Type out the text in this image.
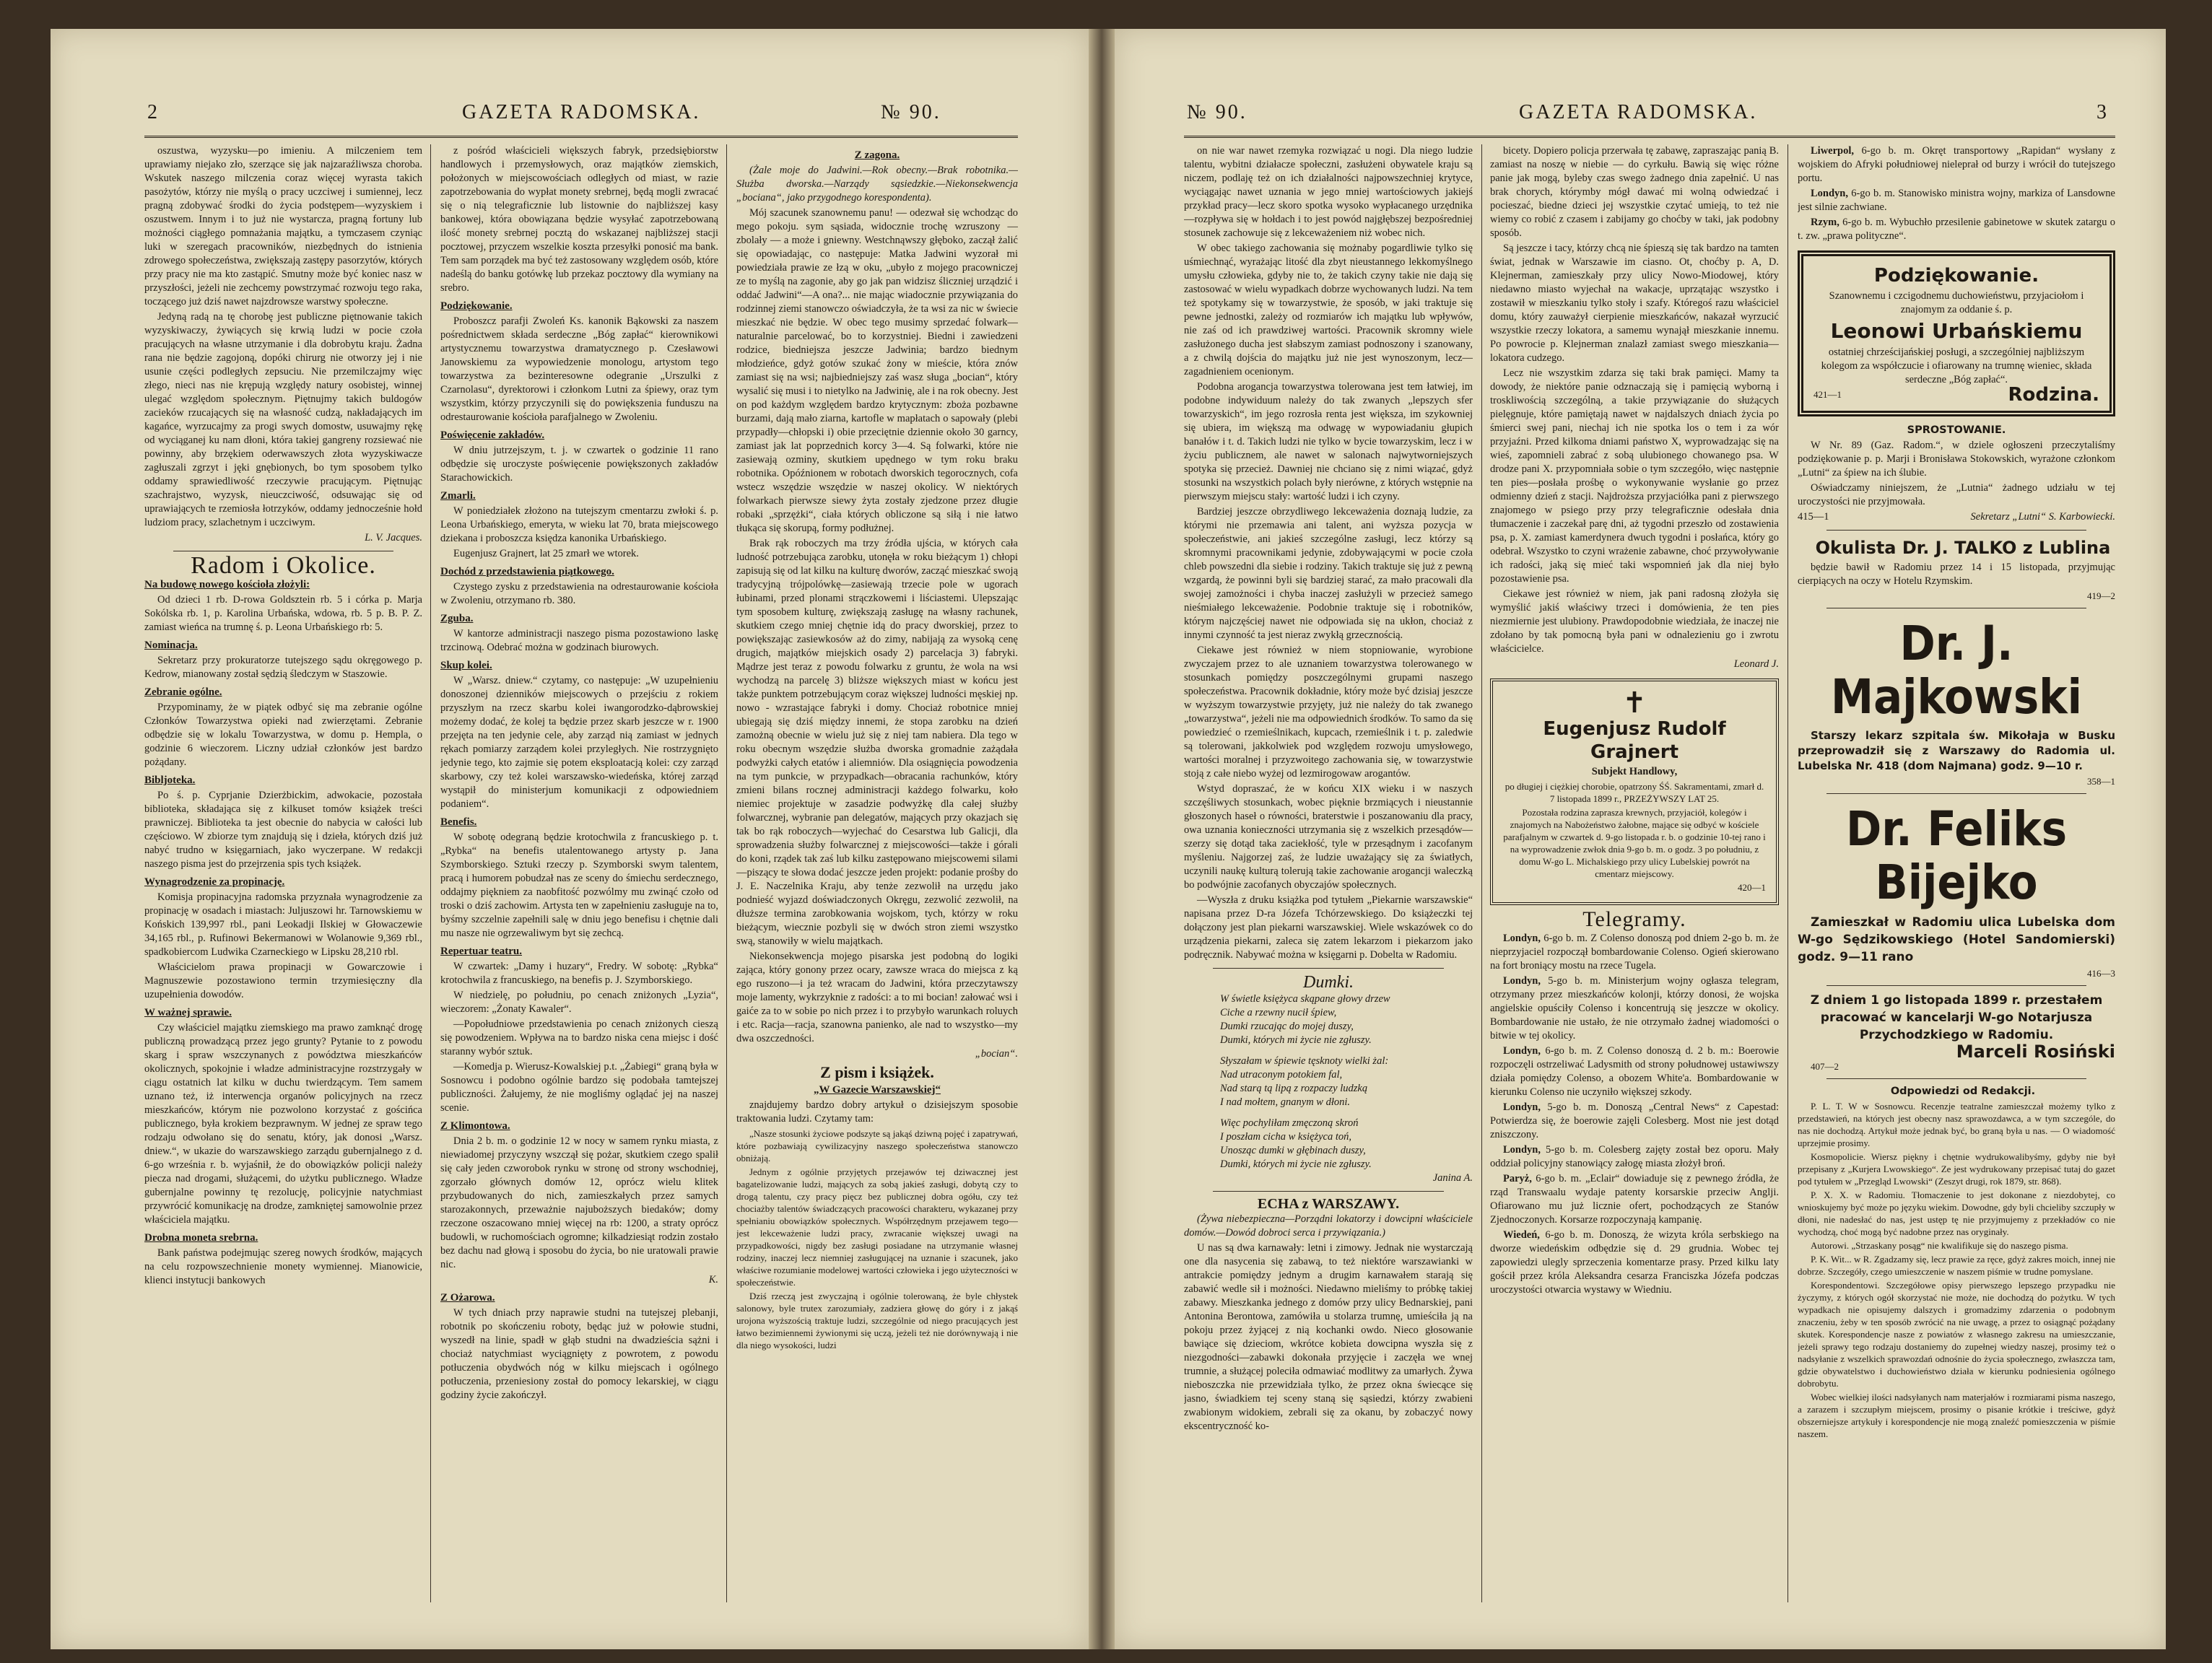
2	GAZETA RADOMSKA.	№ 90.

oszustwa, wyzysku—po imieniu. A milczeniem tem uprawiamy niejako zło, szerzące się jak najzaraźliwsza choroba. Wskutek naszego milczenia coraz więcej wyrasta takich pasożytów, którzy nie myślą o pracy uczciwej i sumiennej, lecz pragną zdobywać środki do życia podstępem—wyzyskiem i oszustwem. Innym i to już nie wystarcza, pragną fortuny lub możności ciągłego pomnażania majątku, a tymczasem czyniąc luki w szeregach pracowników, niezbędnych do istnienia zdrowego społeczeństwa, zwiększają zastępy pasorzytów, których przy pracy nie ma kto zastąpić. Smutny może być koniec nasz w przyszłości, jeżeli nie zechcemy powstrzymać rozwoju tego raka, toczącego już dziś nawet najzdrowsze warstwy społeczne.

Jedyną radą na tę chorobę jest publiczne piętnowanie takich wyzyskiwaczy, żywiących się krwią ludzi w pocie czoła pracujących na własne utrzymanie i dla dobrobytu kraju. Żadna rana nie będzie zagojoną, dopóki chirurg nie otworzy jej i nie usunie części podległych zepsuciu. Nie przemilczajmy więc złego, nieci nas nie krępują względy natury osobistej, winnej ulegać względom społecznym. Piętnujmy takich buldogów zacieków rzucających się na własność cudzą, nakładających im kagańce, wyrzucajmy za progi swych domostw, usuwajmy rękę od wyciąganej ku nam dłoni, która takiej gangreny rozsiewać nie powinny, aby brzękiem oderwawszych złota wyzyskiwacze zagłuszali zgrzyt i jęki gnębionych, bo tym sposobem tylko oddamy sprawiedliwość rzeczywie pracującym. Piętnując szachrajstwo, wyzysk, nieuczciwość, odsuwając się od uprawiających te rzemiosła łotrzyków, oddamy jednocześnie hołd ludziom pracy, szlachetnym i uczciwym.

L. V. Jacques.

Radom i Okolice.
Na budowę nowego kościoła złożyli:

Od dzieci 1 rb. D-rowa Goldsztein rb. 5 i córka p. Marja Sokólska rb. 1, p. Karolina Urbańska, wdowa, rb. 5 p. B. P. Z. zamiast wieńca na trumnę ś. p. Leona Urbańskiego rb: 5.

Nominacja.

Sekretarz przy prokuratorze tutejszego sądu okręgowego p. Kedrow, mianowany został sędzią śledczym w Staszowie.

Zebranie ogólne.

Przypominamy, że w piątek odbyć się ma zebranie ogólne Członków Towarzystwa opieki nad zwierzętami. Zebranie odbędzie się w lokalu Towarzystwa, w domu p. Hempla, o godzinie 6 wieczorem. Liczny udział członków jest bardzo pożądany.

Bibljoteka.

Po ś. p. Cyprjanie Dzierżbickim, adwokacie, pozostała biblioteka, składająca się z kilkuset tomów książek treści prawniczej. Biblioteka ta jest obecnie do nabycia w całości lub częściowo. W zbiorze tym znajdują się i dzieła, których dziś już nabyć trudno w księgarniach, jako wyczerpane. W redakcji naszego pisma jest do przejrzenia spis tych książek.

Wynagrodzenie za propinację.

Komisja propinacyjna radomska przyznała wynagrodzenie za propinację w osadach i miastach: Juljuszowi hr. Tarnowskiemu w Końskich 139,997 rbl., pani Leokadji Ilskiej w Głowaczewie 34,165 rbl., p. Rufinowi Bekermanowi w Wolanowie 9,369 rbl., spadkobiercom Ludwika Czarneckiego w Lipsku 28,210 rbl.

Właścicielom prawa propinacji w Gowarczowie i Magnuszewie pozostawiono termin trzymiesięczny dla uzupełnienia dowodów.

W ważnej sprawie.

Czy właściciel majątku ziemskiego ma prawo zamknąć drogę publiczną prowadzącą przez jego grunty? Pytanie to z powodu skarg i spraw wszczynanych z powództwa mieszkańców okolicznych, spokojnie i władze administracyjne rozstrzygały w ciągu ostatnich lat kilku w duchu twierdzącym. Tem samem uznano też, iż interwencja organów policyjnych na rzecz mieszkańców, którym nie pozwolono korzystać z gościńca publicznego, była krokiem bezprawnym. W jednej ze spraw tego rodzaju odwołano się do senatu, który, jak donosi „Warsz. dniew.“, w ukazie do warszawskiego zarządu gubernjalnego z d. 6-go września r. b. wyjaśnił, że do obowiązków policji należy piecza nad drogami, służącemi, do użytku publicznego. Władze gubernjalne powinny tę rezolucję, policyjnie natychmiast przywrócić komunikację na drodze, zamkniętej samowolnie przez właściciela majątku.

Drobna moneta srebrna.

Bank państwa podejmując szereg nowych środków, mających na celu rozpowszechnienie monety wymiennej. Mianowicie, klienci instytucji bankowych

z pośród właścicieli większych fabryk, przedsiębiorstw handlowych i przemysłowych, oraz majątków ziemskich, położonych w miejscowościach odległych od miast, w razie zapotrzebowania do wypłat monety srebrnej, będą mogli zwracać się o nią telegraficznie lub listownie do najbliższej kasy bankowej, która obowiązana będzie wysyłać zapotrzebowaną ilość monety srebrnej pocztą do wskazanej najbliższej stacji pocztowej, przyczem wszelkie koszta przesyłki ponosić ma bank. Tem sam porządek ma być też zastosowany względem osób, które nadeślą do banku gotówkę lub przekaz pocztowy dla wymiany na srebro.

Podziękowanie.

Proboszcz parafji Zwoleń Ks. kanonik Bąkowski za naszem pośrednictwem składa serdeczne „Bóg zapłać“ kierownikowi artystycznemu towarzystwa dramatycznego p. Czesławowi Janowskiemu za wypowiedzenie monologu, artystom tego towarzystwa za bezinteresowne odegranie „Urszulki z Czarnolasu“, dyrektorowi i członkom Lutni za śpiewy, oraz tym wszystkim, którzy przyczynili się do powiększenia funduszu na odrestaurowanie kościoła parafjalnego w Zwoleniu.

Poświęcenie zakładów.

W dniu jutrzejszym, t. j. w czwartek o godzinie 11 rano odbędzie się uroczyste poświęcenie powiększonych zakładów Starachowickich.

Zmarli.

W poniedziałek złożono na tutejszym cmentarzu zwłoki ś. p. Leona Urbańskiego, emeryta, w wieku lat 70, brata miejscowego dziekana i proboszcza księdza kanonika Urbańskiego.

Eugenjusz Grajnert, lat 25 zmarł we wtorek.

Dochód z przedstawienia piątkowego.

Czystego zysku z przedstawienia na odrestaurowanie kościoła w Zwoleniu, otrzymano rb. 380.

Zguba.

W kantorze administracji naszego pisma pozostawiono laskę trzcinową. Odebrać można w godzinach biurowych.

Skup kolei.

W „Warsz. dniew.“ czytamy, co następuje: „W uzupełnieniu donoszonej dzienników miejscowych o przejściu z rokiem przyszłym na rzecz skarbu kolei iwangorodzko-dąbrowskiej możemy dodać, że kolej ta będzie przez skarb jeszcze w r. 1900 przejęta na ten jedynie cele, aby zarząd nią zamiast w jednych rękach pomiarzy zarządem kolei przyległych. Nie rostrzygnięto jedynie tego, kto zajmie się potem eksploatacją kolei: czy zarząd skarbowy, czy też kolei warszawsko-wiedeńska, której zarząd wystąpił do ministerjum komunikacji z odpowiedniem podaniem“.

Benefis.

W sobotę odegraną będzie krotochwila z francuskiego p. t. „Rybka“ na benefis utalentowanego artysty p. Jana Szymborskiego. Sztuki rzeczy p. Szymborski swym talentem, pracą i humorem pobudzał nas ze sceny do śmiechu serdecznego, oddajmy piękniem za naobfitość pozwólmy mu zwinąć czoło od troski o dziś zachowim. Artysta ten w zapełnieniu zasługuje na to, byśmy szczelnie zapełnili salę w dniu jego benefisu i chętnie dali mu nasze nie ogrzewaliwym byt się zechcą.

Repertuar teatru.

W czwartek: „Damy i huzary“, Fredry. W sobotę: „Rybka“ krotochwila z francuskiego, na benefis p. J. Szymborskiego.

W niedzielę, po południu, po cenach zniżonych „Lyzia“, wieczorem: „Żonaty Kawaler“.

—Popołudniowe przedstawienia po cenach zniżonych cieszą się powodzeniem. Wpływa na to bardzo niska cena miejsc i dość staranny wybór sztuk.

—Komedja p. Wierusz-Kowalskiej p.t. „Żabiegi“ graną była w Sosnowcu i podobno ogólnie bardzo się podobała tamtejszej publiczności. Żałujemy, że nie mogliśmy oglądać jej na naszej scenie.

Z Klimontowa.

Dnia 2 b. m. o godzinie 12 w nocy w samem rynku miasta, z niewiadomej przyczyny wszczął się pożar, skutkiem czego spalił się cały jeden czworobok rynku w stronę od strony wschodniej, zgorzało głównych domów 12, oprócz wielu klitek przybudowanych do nich, zamieszkałych przez samych starozakonnych, przeważnie najuboższych biedaków; domy rzeczone oszacowano mniej więcej na rb: 1200, a straty oprócz budowli, w ruchomościach ogromne; kilkadziesiąt rodzin zostało bez dachu nad głową i sposobu do życia, bo nie uratowali prawie nic.

K.

Z Ożarowa.

W tych dniach przy naprawie studni na tutejszej plebanji, robotnik po skończeniu roboty, będąc już w połowie studni, wyszedł na linie, spadł w głąb studni na dwadzieścia sążni i chociaż natychmiast wyciągnięty z powrotem, z powodu potłuczenia obydwóch nóg w kilku miejscach i ogólnego potłuczenia, przeniesiony został do pomocy lekarskiej, w ciągu godziny życie zakończył.

Z zagona.

(Żale moje do Jadwini.—Rok obecny.—Brak robotnika.—Służba dworska.—Narządy sąsiedzkie.—Niekonsekwencja „bociana“, jako przygodnego korespondenta).

Mój szacunek szanownemu panu! — odezwał się wchodząc do mego pokoju. sym sąsiada, widocznie trochę wzruszony — zbolały — a może i gniewny. Westchnąwszy głęboko, zaczął żalić się opowiadając, co następuje: Matka Jadwini wyzorał mi powiedziała prawie ze łzą w oku, „ubyło z mojego pracowniczej ze to myślą na zagonie, aby go jak pan widzisz śliczniej urządzić i oddać Jadwini“—A ona?... nie mając wiadocznie przywiązania do rodzinnej ziemi stanowczo oświadczyła, że ta wsi za nic w świecie mieszkać nie będzie. W obec tego musimy sprzedać folwark—naturalnie parcelować, bo to korzystniej. Biedni i zawiedzeni rodzice, biedniejsza jeszcze Jadwinia; bardzo biednym młodzieńce, gdyż gotów szukać żony w mieście, która znów zamiast się na wsi; najbiedniejszy zaś wasz sługa „bocian“, który wysalić się musi i to nietylko na Jadwinię, ale i na rok obecny. Jest on pod każdym względem bardzo krytycznym: zboża pozbawne burzami, dają mało ziarna, kartofle w mapłatach o sapowały (plebi przypadły—chłopski i) obie przeciętnie dziennie około 30 garncy, zamiast jak lat poprzednich korcy 3—4. Są folwarki, które nie zasiewają ozminy, skutkiem upędnego w tym roku braku robotnika. Opóźnionem w robotach dworskich tegorocznych, cofa wstecz wszędzie wszędzie w naszej okolicy. W niektórych folwarkach pierwsze siewy żyta zostały zjedzone przez długie robaki „sprzężki“, ciała których obliczone są siłą i nie łatwo tłukąca się skorupą, formy podłużnej.

Brak rąk roboczych ma trzy źródła ujścia, w których cała ludność potrzebująca zarobku, utonęła w roku bieżącym 1) chłopi zapisują się od lat kilku na kulturę dworów, zacząć mieszkać swoją tradycyjną trójpolówkę—zasiewają trzecie pole w ugorach łubinami, przed plonami strączkowemi i liściastemi. Ulepszając tym sposobem kulturę, zwiększają zasługę na własny rachunek, skutkiem czego mniej chętnie idą do pracy dworskiej, przez to powiększając zasiewkosów aż do zimy, nabijają za wysoką cenę drugich, majątków miejskich osady 2) parcelacja 3) fabryki. Mądrze jest teraz z powodu folwarku z gruntu, że wola na wsi wychodzą na parcelę 3) bliższe większych miast w końcu jest także punktem potrzebującym coraz większej ludności męskiej np. nowo - wzrastające fabryki i domy. Chociaż robotnice mniej ubiegają się dziś między innemi, że stopa zarobku na dzień zamożną obecnie w wielu już się z niej tam nabiera. Dla tego w roku obecnym wszędzie służba dworska gromadnie zażądała podwyżki całych etatów i aliemniów. Dla osiągnięcia powodzenia na tym punkcie, w przypadkach—obracania rachunków, który zmieni bilans rocznej administracji każdego folwarku, koło niemiec projektuje w zasadzie podwyżkę dla całej służby folwarcznej, wybranie pan delegatów, mających przy okazjach się tak bo rąk roboczych—wyjechać do Cesarstwa lub Galicji, dla sprowadzenia służby folwarcznej z miejscowości—także i górali do koni, rządek tak zaś lub kilku zastępowano miejscowemi silami—piszący te słowa dodać jeszcze jeden projekt: podanie prośby do J. E. Naczelnika Kraju, aby tenże zezwolił na urzędu jako podnieść wyjazd doświadczonych Okręgu, zezwolić zezwolił, na dłuższe termina zarobkowania wojskom, tych, którzy w roku bieżącym, wiecznie pozbyli się w dwóch stron ziemi wszystko swą, stanowiły w wielu majątkach.

Niekonsekwencja mojego pisarska jest podobną do logiki zająca, który gonony przez ocary, zawsze wraca do miejsca z ką ego ruszono—i ja też wracam do Jadwini, która przeczytawszy moje lamenty, wykrzyknie z radości: a to mi bocian! załować wsi i gaiće za to w sobie po nich przez i to przybyło warunkach roluych i etc. Racja—racja, szanowna panienko, ale nad to wszystko—my dwa oszczedności.

„bocian“.

Z pism i książek.
„W Gazecie Warszawskiej“

znajdujemy bardzo dobry artykuł o dzisiejszym sposobie traktowania ludzi. Czytamy tam:

„Nasze stosunki życiowe podszyte są jakąś dziwną pojęć i zapatrywań, które pozbawiają cywilizacyjny naszego społeczeństwa stanowczo obniżają.

Jednym z ogólnie przyjętych przejawów tej dziwacznej jest bagatelizowanie ludzi, mających za sobą jakieś zasługi, dobytą czy to drogą talentu, czy pracy pięcz bez publicznej dobra ogółu, czy też chociażby talentów świadczących pracowości charakteru, wykazanej przy spełnianiu obowiązków społecznych. Współrzędnym przejawem tego—jest lekceważenie ludzi pracy, zwracanie większej uwagi na przypadkowości, nigdy bez zasługi posiadane na utrzymanie własnej rodziny, inaczej lecz niemniej zasługującej na uznanie i szacunek, jako właściwe rozumianie modelowej wartości człowieka i jego użyteczności w społeczeństwie.

Dziś rzeczą jest zwyczajną i ogólnie tolerowaną, że byle chłystek salonowy, byle trutex zarozumiały, zadziera głowę do góry i z jakąś urojona wyższością traktuje ludzi, szczególnie od niego pracujących jest łatwo bezimiennemi żywionymi się uczą, jeżeli też nie dorównywają i nie dla niego wysokości, ludzi

№ 90.	GAZETA RADOMSKA.	3

on nie war nawet rzemyka rozwiązać u nogi. Dla niego ludzie talentu, wybitni działacze społeczni, zasłużeni obywatele kraju są niczem, podlaję też on ich działalności najpowszechniej krytyce, wyciągając nawet uznania w jego mniej wartościowych jakiejś przykład pracy—lecz skoro spotka wysoko wypłacanego urzędnika—rozpływa się w hołdach i to jest powód najgłębszej bezpośredniej stosunek zachowuje się z lekceważeniem niż wobec nich.

W obec takiego zachowania się możnaby pogardliwie tylko się uśmiechnąć, wyrażając litość dla zbyt nieustannego lekkomyślnego umysłu człowieka, gdyby nie to, że takich czyny takie nie dają się zastosować w wielu wypadkach dobrze wychowanych ludzi. Na tem też spotykamy się w towarzystwie, że sposób, w jaki traktuje się pewne jednostki, zależy od rozmiarów ich majątku lub wpływów, nie zaś od ich prawdziwej wartości. Pracownik skromny wiele zasłużonego ducha jest słabszym zamiast podnoszony i szanowany, a z chwilą dojścia do majątku już nie jest wynoszonym, lecz—zagadnieniem ocenionym.

Podobna arogancja towarzystwa tolerowana jest tem łatwiej, im podobne indywiduum należy do tak zwanych „lepszych sfer towarzyskich“, im jego rozrosła renta jest większa, im szykowniej się ubiera, im większą ma odwagę w wypowiadaniu głupich banałów i t. d. Takich ludzi nie tylko w bycie towarzyskim, lecz i w życiu publicznem, ale nawet w salonach najwytworniejszych spotyka się przecież. Dawniej nie chciano się z nimi wiązać, gdyż stosunki na wszystkich polach były nierówne, z których wstępnie na pierwszym miejscu stały: wartość ludzi i ich czyny.

Bardziej jeszcze obrzydliwego lekceważenia doznają ludzie, za którymi nie przemawia ani talent, ani wyższa pozycja w społeczeństwie, ani jakieś szczególne zasługi, lecz którzy są skromnymi pracownikami jedynie, zdobywającymi w pocie czoła chleb powszedni dla siebie i rodziny. Takich traktuje się już z pewną wzgardą, że powinni byli się bardziej starać, za mało pracowali dla swojej zamożności i chyba inaczej zasłużyli w przecież samego nieśmiałego lekceważenie. Podobnie traktuje się i robotników, którym najczęściej nawet nie odpowiada się na ukłon, chociaż z innymi czynność ta jest nieraz zwykłą grzecznością.

Ciekawe jest również w niem stopniowanie, wyrobione zwyczajem przez to ale uznaniem towarzystwa tolerowanego w stosunkach pomiędzy poszczególnymi grupami naszego społeczeństwa. Pracownik dokładnie, który może być dzisiaj jeszcze w wyższym towarzystwie przyjęty, już nie należy do tak zwanego „towarzystwa“, jeżeli nie ma odpowiednich środków. To samo da się powiedzieć o rzemieślnikach, kupcach, rzemieślnik i t. p. zaledwie są tolerowani, jakkolwiek pod względem rozwoju umysłowego, wartości moralnej i przyzwoitego zachowania się, w towarzystwie stoją z całe niebo wyżej od lezmirogowaw arogantów.

Wstyd dopraszać, że w końcu XIX wieku i w naszych szczęśliwych stosunkach, wobec pięknie brzmiących i nieustannie głoszonych haseł o równości, braterstwie i poszanowaniu dla pracy, owa uznania konieczności utrzymania się z wszelkich przesądów—szerzy się dotąd taka zaciekłość, tyle w przesądnym i zacofanym myśleniu. Najgorzej zaś, że ludzie uważający się za światłych, uczynili naukę kulturą tolerują takie zachowanie arogancji waleczką bo podwójnie zacofanych obyczajów społecznych.

—Wyszła z druku książka pod tytułem „Piekarnie warszawskie“ napisana przez D-ra Józefa Tchórzewskiego. Do książeczki tej dołączony jest plan piekarni warszawskiej. Wiele wskazówek co do urządzenia piekarni, zaleca się zatem lekarzom i piekarzom jako podręcznik. Nabywać można w księgarni p. Dobelta w Radomiu.

Dumki.

W świetle księżyca skąpane głowy drzew

Ciche a rzewny nucił śpiew,

Dumki rzucając do mojej duszy,

Dumki, których mi życie nie zgłuszy.

Słyszałam w śpiewie tęsknoty wielki żal:

Nad utraconym potokiem fal,

Nad starą tą lipą z rozpaczy ludzką

I nad mołtem, gnanym w dłoni.

Więc pochyliłam zmęczoną skroń

I poszłam cicha w księżyca toń,

Unosząc dumki w głębinach duszy,

Dumki, których mi życie nie zgłuszy.

Janina A.

ECHA z WARSZAWY.

(Żywa niebezpieczna—Porządni lokatorzy i dowcipni właściciele domów.—Dowód dobroci serca i przywiązania.)

U nas są dwa karnawały: letni i zimowy. Jednak nie wystarczają one dla nasycenia się zabawą, to też niektóre warszawianki w antrakcie pomiędzy jednym a drugim karnawałem starają się zabawić wedle sił i możności. Niedawno mieliśmy to próbkę takiej zabawy. Mieszkanka jednego z domów przy ulicy Bednarskiej, pani Antonina Berontowa, zamówiła u stolarza trumnę, umieściła ją na pokoju przez żyjącej z nią kochanki owdo. Nieco głosowanie bawiące się dzieciom, wkrótce kobieta dowcipna wyszła się z niezgodności—zabawki dokonała przyjęcie i zaczęła we wnej trumnie, a służącej poleciła odmawiać modlitwy za umarłych. Żywa nieboszczka nie przewidziała tylko, że przez okna świecące się jasno, świadkiem tej sceny staną się sąsiedzi, którzy zwabieni zwabionym widokiem, zebrali się za okanu, by zobaczyć nowy ekscentryczność ko-

bicety. Dopiero policja przerwała tę zabawę, zapraszając panią B. zamiast na noszę w niebie — do cyrkułu. Bawią się więc różne panie jak mogą, byleby czas swego żadnego dnia zapełnić. U nas brak chorych, którymby mógł dawać mi wolną odwiedzać i pocieszać, biedne dzieci jej wszystkie czytać umieją, to też nie wiemy co robić z czasem i zabijamy go choćby w taki, jak podobny sposób.

Są jeszcze i tacy, którzy chcą nie śpieszą się tak bardzo na tamten świat, jednak w Warszawie im ciasno. Ot, choćby p. A, D. Klejnerman, zamieszkały przy ulicy Nowo-Miodowej, który niedawno miasto wyjechał na wakacje, uprzątając wszystko i zostawił w mieszkaniu tylko stoły i szafy. Któregoś razu właściciel domu, który zauważył cierpienie mieszkańców, nakazał wyrzucić wszystkie rzeczy lokatora, a samemu wynajął mieszkanie innemu. Po powrocie p. Klejnerman znalazł zamiast swego mieszkania—lokatora cudzego.

Lecz nie wszystkim zdarza się taki brak pamięci. Mamy ta dowody, że niektóre panie odznaczają się i pamięcią wyborną i troskliwością szczególną, a takie przywiązanie do służących pielęgnuje, które pamiętają nawet w najdalszych dniach życia po śmierci swej pani, niechaj ich nie spotka los o tem i za wór przyjaźni. Przed kilkoma dniami państwo X, wyprowadzając się na wieś, zapomnieli zabrać z sobą ulubionego chowanego psa. W drodze pani X. przypomniała sobie o tym szczegóło, więc następnie ten pies—posłała prośbę o wykonywanie wysłanie go przez odmienny dzień z stacji. Najdroższa przyjaciółka pani z pierwszego znajomego w psiego przy przy telegraficznie odesłała dnia tłumaczenie i zaczekał parę dni, aż tygodni przeszło od zostawienia psa, p. X. zamiast kamerdynera dwuch tygodni i posłańca, który go odebrał. Wszystko to czyni wrażenie zabawne, choć przywoływanie ich radości, jaką się mieć taki wspomnień jak dla niej było pozostawienie psa.

Ciekawe jest również w niem, jak pani radosną złożyła się wymyślić jakiś właściwy trzeci i domówienia, że ten pies niezmiernie jest ulubiony. Prawdopodobnie wiedziała, że inaczej nie zdołano by tak pomocną była pani w odnalezieniu go i zwrotu właścicielce.

Leonard J.

✝

Eugenjusz Rudolf Grajnert

Subjekt Handlowy,

po długiej i ciężkiej chorobie, opatrzony ŚŚ. Sakramentami, zmarł d. 7 listopada 1899 r., PRZEŻYWSZY LAT 25.

Pozostała rodzina zaprasza krewnych, przyjaciół, kolegów i znajomych na Nabożeństwo żałobne, mające się odbyć w kościele parafjalnym w czwartek d. 9-go listopada r. b. o godzinie 10-tej rano i na wyprowadzenie zwłok dnia 9-go b. m. o godz. 3 po południu, z domu W-go L. Michalskiego przy ulicy Lubelskiej powrót na cmentarz miejscowy.

420—1

Telegramy.

Londyn, 6-go b. m. Z Colenso donoszą pod dniem 2-go b. m. że nieprzyjaciel rozpoczął bombardowanie Colenso. Ogień skierowano na fort broniący mostu na rzece Tugela.

Londyn, 5-go b. m. Ministerjum wojny ogłasza telegram, otrzymany przez mieszkańców kolonji, którzy donosi, że wojska angielskie opuściły Colenso i koncentrują się jeszcze w okolicy. Bombardowanie nie ustało, że nie otrzymało żadnej wiadomości o bitwie w tej okolicy.

Londyn, 6-go b. m. Z Colenso donoszą d. 2 b. m.: Boerowie rozpoczęli ostrzeliwać Ladysmith od strony połudnowej ustawiwszy działa pomiędzy Colenso, a obozem White'a. Bombardowanie w kierunku Colenso nie uczyniło większej szkody.

Londyn, 5-go b. m. Donoszą „Central News“ z Capestad: Potwierdza się, że boerowie zajęli Colesberg. Most nie jest dotąd zniszczony.

Londyn, 5-go b. m. Colesberg zajęty został bez oporu. Mały oddział policyjny stanowiący załogę miasta złożył broń.

Paryż, 6-go b. m. „Eclair“ dowiaduje się z pewnego źródła, że rząd Transwaalu wydaje patenty korsarskie przeciw Anglji. Ofiarowano mu już licznie ofert, pochodzących ze Stanów Zjednoczonych. Korsarze rozpoczynają kampanię.

Wiedeń, 6-go b. m. Donoszą, że wizyta króla serbskiego na dworze wiedeńskim odbędzie się d. 29 grudnia. Wobec tej zapowiedzi ulegly sprzeczenia komentarze prasy. Przed kilku laty gościł przez króla Aleksandra cesarza Franciszka Józefa podczas uroczystości otwarcia wystawy w Wiedniu.

Liwerpol, 6-go b. m. Okręt transportowy „Rapidan“ wysłany z wojskiem do Afryki południowej nieleprał od burzy i wrócił do tutejszego portu.

Londyn, 6-go b. m. Stanowisko ministra wojny, markiza of Lansdowne jest silnie zachwiane.

Rzym, 6-go b. m. Wybuchło przesilenie gabinetowe w skutek zatargu o t. zw. „prawa polityczne“.

Podziękowanie.

Szanownemu i czcigodnemu duchowieństwu, przyjaciołom i znajomym za oddanie ś. p.

Leonowi Urbańskiemu

ostatniej chrześcijańskiej posługi, a szczególniej najbliższym kolegom za współczucie i ofiarowany na trumnę wieniec, składa serdeczne „Bóg zapłać“.

421—1	Rodzina.

SPROSTOWANIE.

W Nr. 89 (Gaz. Radom.“, w dziele ogłoszeni przeczytaliśmy podziękowanie p. p. Marji i Bronisława Stokowskich, wyrażone członkom „Lutni“ za śpiew na ich ślubie.

Oświadczamy niniejszem, że „Lutnia“ żadnego udziału w tej uroczystości nie przyjmowała.

415—1	Sekretarz „Lutni“ S. Karbowiecki.

Okulista Dr. J. TALKO z Lublina

będzie bawił w Radomiu przez 14 i 15 listopada, przyjmując cierpiących na oczy w Hotelu Rzymskim.

419—2

Dr. J. Majkowski

Starszy lekarz szpitala św. Mikołaja w Busku przeprowadził się z Warszawy do Radomia ul. Lubelska Nr. 418 (dom Najmana) godz. 9—10 r.

358—1

Dr. Feliks Bijejko

Zamieszkał w Radomiu ulica Lubelska dom W-go Sędzikowskiego (Hotel Sandomierski) godz. 9—11 rano

416—3

Z dniem 1 go listopada 1899 r. przestałem pracować w kancelarji W-go Notarjusza Przychodzkiego w Radomiu.

Marceli Rosiński

407—2

Odpowiedzi od Redakcji.

P. L. T. W w Sosnowcu. Recenzje teatralne zamieszczał możemy tylko z przedstawień, na których jest obecny nasz sprawozdawca, a w tym szczególe, do nas nie dochodzą. Artykuł może jednak być, bo graną była u nas. — O wiadomość uprzejmie prosimy.

Kosmopolicie. Wiersz piękny i chętnie wydrukowalibyśmy, gdyby nie był przepisany z „Kurjera Lwowskiego“. Ze jest wydrukowany przepisać tutaj do gazet pod tytułem w „Przegląd Lwowski“ (Zeszyt drugi, rok 1879, str. 868).

P. X. X. w Radomiu. Tłomaczenie to jest dokonane z niezdobytej, co wnioskujemy być może po języku wiekim. Dowodne, gdy byli chcieliby szczupły w dłoni, nie nadesłać do nas, jest ustęp tę nie przyjmujemy z przekładów co nie wychodzą, choć mogą być nadobne przez nas oryginały.

Autorowi. „Strzaskany posąg“ nie kwalifikuje się do naszego pisma.

P. K. Wit... w R. Zgadzamy się, lecz prawie za ręce, gdyż zakres moich, innej nie dobrze. Szczegóły, czego umieszczenie w naszem piśmie w trudne pomyslane.

Korespondentowi. Szczegółowe opisy pierwszego lepszego przypadku nie życzymy, z których ogół skorzystać nie może, nie dochodzą do pożytku. W tych wypadkach nie opisujemy dalszych i gromadzimy zdarzenia o podobnym znaczeniu, żeby w ten sposób zwrócić na nie uwagę, a przez to osiągnąć pożądany skutek. Korespondencje nasze z powiatów z własnego zakresu na umieszczanie, jeżeli sprawy tego rodzaju dostaniemy do zupełnej wiedzy naszej, prosimy też o nadsyłanie z wszelkich sprawozdań odnośnie do życia społecznego, zwłaszcza tam, gdzie obywatelstwo i duchowieństwo działa w kierunku podniesienia ogólnego dobrobytu.

Wobec wielkiej ilości nadsyłanych nam materjałów i rozmiarami pisma naszego, a zarazem i szczupłym miejscem, prosimy o pisanie krótkie i treściwe, gdyż obszerniejsze artykuły i korespondencje nie mogą znaleźć pomieszczenia w piśmie naszem.
